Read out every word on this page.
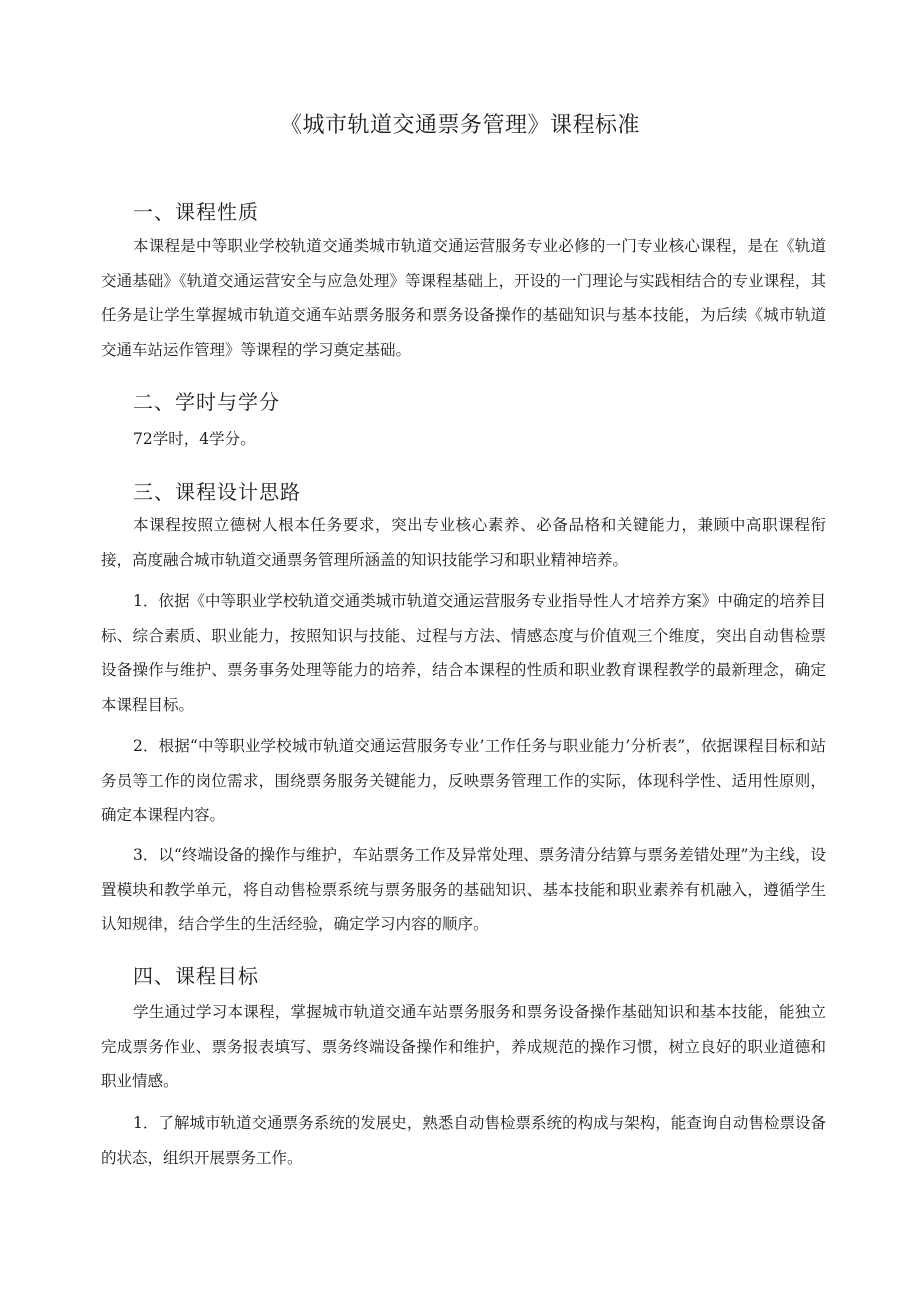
《城市轨道交通票务管理》课程标准
一、课程性质

本课程是中等职业学校轨道交通类城市轨道交通运营服务专业必修的一门专业核心课程，是在《轨道交通基础》《轨道交通运营安全与应急处理》等课程基础上，开设的一门理论与实践相结合的专业课程，其任务是让学生掌握城市轨道交通车站票务服务和票务设备操作的基础知识与基本技能，为后续《城市轨道交通车站运作管理》等课程的学习奠定基础。

二、学时与学分

72学时，4学分。

三、课程设计思路

本课程按照立德树人根本任务要求，突出专业核心素养、必备品格和关键能力，兼顾中高职课程衔接，高度融合城市轨道交通票务管理所涵盖的知识技能学习和职业精神培养。

1．依据《中等职业学校轨道交通类城市轨道交通运营服务专业指导性人才培养方案》中确定的培养目标、综合素质、职业能力，按照知识与技能、过程与方法、情感态度与价值观三个维度，突出自动售检票设备操作与维护、票务事务处理等能力的培养，结合本课程的性质和职业教育课程教学的最新理念，确定本课程目标。

2．根据“中等职业学校城市轨道交通运营服务专业’工作任务与职业能力’分析表”，依据课程目标和站务员等工作的岗位需求，围绕票务服务关键能力，反映票务管理工作的实际，体现科学性、适用性原则，确定本课程内容。

3．以“终端设备的操作与维护，车站票务工作及异常处理、票务清分结算与票务差错处理”为主线，设置模块和教学单元，将自动售检票系统与票务服务的基础知识、基本技能和职业素养有机融入，遵循学生认知规律，结合学生的生活经验，确定学习内容的顺序。

四、课程目标

学生通过学习本课程，掌握城市轨道交通车站票务服务和票务设备操作基础知识和基本技能，能独立完成票务作业、票务报表填写、票务终端设备操作和维护，养成规范的操作习惯，树立良好的职业道德和职业情感。

1．了解城市轨道交通票务系统的发展史，熟悉自动售检票系统的构成与架构，能查询自动售检票设备的状态，组织开展票务工作。
